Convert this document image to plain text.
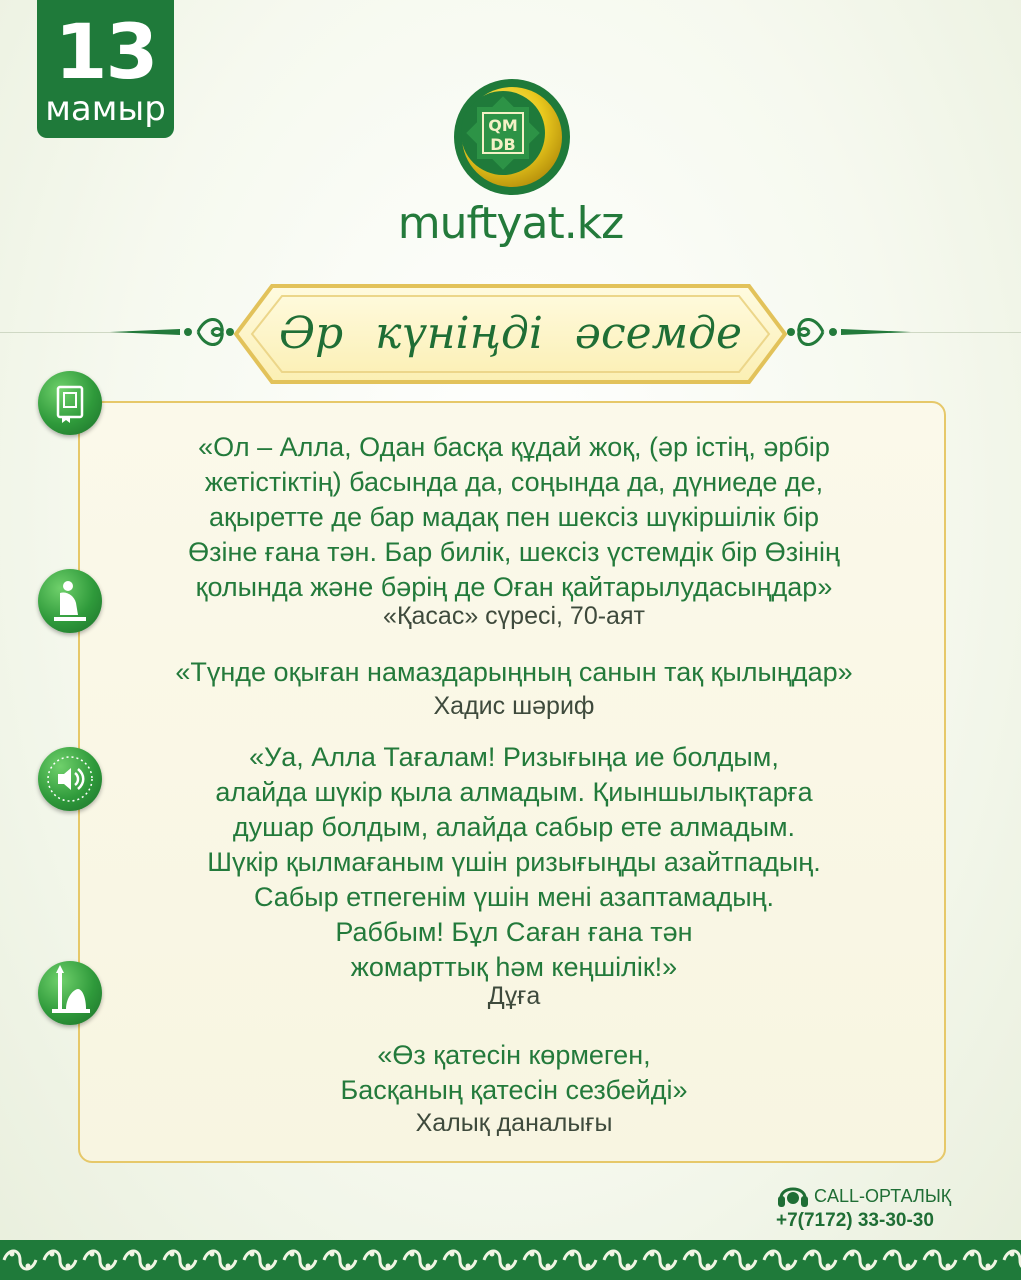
13
мамыр	QM
DB
muftyat.kz
Әр күніңді әсемде
«Ол – Алла, Одан басқа құдай жоқ, (әр істің, әрбір
жетістіктің) басында да, соңында да, дүниеде де,
ақыретте де бар мадақ пен шексіз шүкіршілік бір
Өзіне ғана тән. Бар билік, шексіз үстемдік бір Өзінің
қолында және бәрің де Оған қайтарылудасыңдар»
«Қасас» сүресі, 70-аят
«Түнде оқыған намаздарыңның санын тақ қылыңдар»
Хадис шәриф
«Уа, Алла Тағалам! Ризығыңа ие болдым,
алайда шүкір қыла алмадым. Қиыншылықтарға
душар болдым, алайда сабыр ете алмадым.
Шүкір қылмағаным үшін ризығыңды азайтпадың.
Сабыр етпегенім үшін мені азаптамадың.
Раббым! Бұл Саған ғана тән
жомарттық һәм кеңшілік!»
Дұға
«Өз қатесін көрмеген,
Басқаның қатесін сезбейді»
Халық даналығы
CALL-ОРТАЛЫҚ
+7(7172) 33-30-30
